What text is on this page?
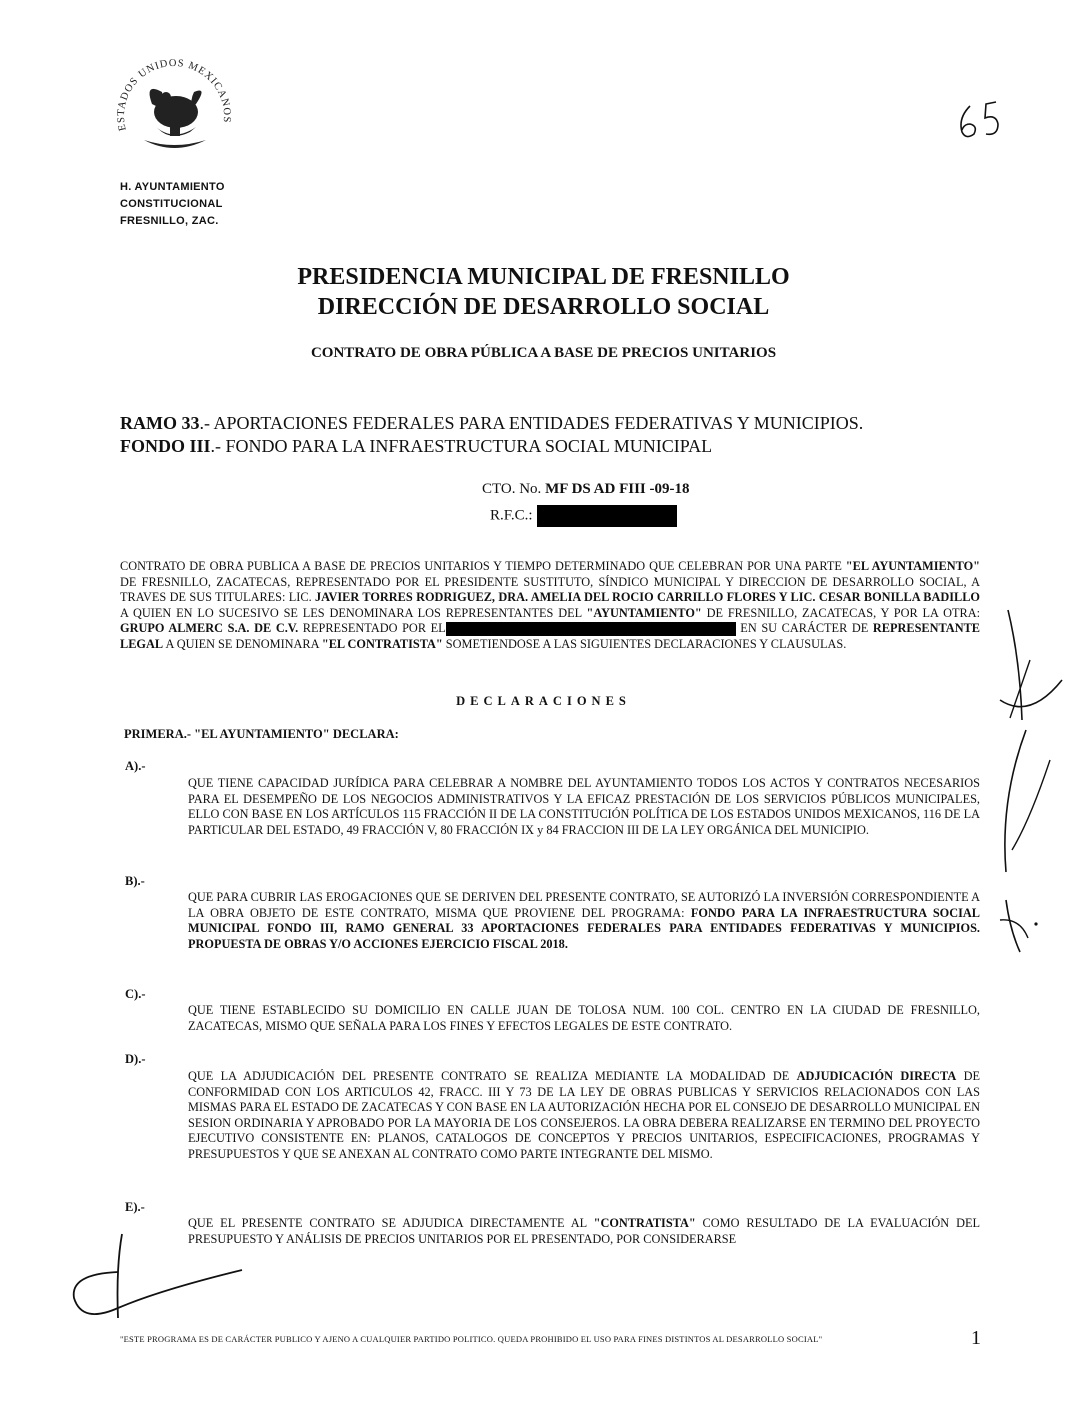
ESTADOS UNIDOS MEXICANOS
H. AYUNTAMIENTO
CONSTITUCIONAL
FRESNILLO, ZAC.
PRESIDENCIA MUNICIPAL DE FRESNILLO
DIRECCIÓN DE DESARROLLO SOCIAL
CONTRATO DE OBRA PÚBLICA A BASE DE PRECIOS UNITARIOS
RAMO 33.- APORTACIONES FEDERALES PARA ENTIDADES FEDERATIVAS Y MUNICIPIOS.
FONDO III.- FONDO PARA LA INFRAESTRUCTURA SOCIAL MUNICIPAL
CTO. No. MF DS AD FIII -09-18
R.F.C.:
CONTRATO DE OBRA PUBLICA A BASE DE PRECIOS UNITARIOS Y TIEMPO DETERMINADO QUE CELEBRAN POR UNA PARTE "EL AYUNTAMIENTO" DE FRESNILLO, ZACATECAS, REPRESENTADO POR EL PRESIDENTE SUSTITUTO, SÍNDICO MUNICIPAL Y DIRECCION DE DESARROLLO SOCIAL, A TRAVES DE SUS TITULARES: LIC. JAVIER TORRES RODRIGUEZ, DRA. AMELIA DEL ROCIO CARRILLO FLORES Y LIC. CESAR BONILLA BADILLO A QUIEN EN LO SUCESIVO SE LES DENOMINARA LOS REPRESENTANTES DEL "AYUNTAMIENTO" DE FRESNILLO, ZACATECAS, Y POR LA OTRA: GRUPO ALMERC S.A. DE C.V. REPRESENTADO POR EL	EN SU CARÁCTER DE REPRESENTANTE LEGAL A QUIEN SE DENOMINARA "EL CONTRATISTA" SOMETIENDOSE A LAS SIGUIENTES DECLARACIONES Y CLAUSULAS.
DECLARACIONES
PRIMERA.- "EL AYUNTAMIENTO" DECLARA:
A).-
QUE TIENE CAPACIDAD JURÍDICA PARA CELEBRAR A NOMBRE DEL AYUNTAMIENTO TODOS LOS ACTOS Y CONTRATOS NECESARIOS PARA EL DESEMPEÑO DE LOS NEGOCIOS ADMINISTRATIVOS Y LA EFICAZ PRESTACIÓN DE LOS SERVICIOS PÚBLICOS MUNICIPALES, ELLO CON BASE EN LOS ARTÍCULOS 115 FRACCIÓN II DE LA CONSTITUCIÓN POLÍTICA DE LOS ESTADOS UNIDOS MEXICANOS, 116 DE LA PARTICULAR DEL ESTADO, 49 FRACCIÓN V, 80 FRACCIÓN IX y 84 FRACCION III DE LA LEY ORGÁNICA DEL MUNICIPIO.
B).-
QUE PARA CUBRIR LAS EROGACIONES QUE SE DERIVEN DEL PRESENTE CONTRATO, SE AUTORIZÓ LA INVERSIÓN CORRESPONDIENTE A LA OBRA OBJETO DE ESTE CONTRATO, MISMA QUE PROVIENE DEL PROGRAMA: FONDO PARA LA INFRAESTRUCTURA SOCIAL MUNICIPAL FONDO III, RAMO GENERAL 33 APORTACIONES FEDERALES PARA ENTIDADES FEDERATIVAS Y MUNICIPIOS. PROPUESTA DE OBRAS Y/O ACCIONES EJERCICIO FISCAL 2018.
C).-
QUE TIENE ESTABLECIDO SU DOMICILIO EN CALLE JUAN DE TOLOSA NUM. 100 COL. CENTRO EN LA CIUDAD DE FRESNILLO, ZACATECAS, MISMO QUE SEÑALA PARA LOS FINES Y EFECTOS LEGALES DE ESTE CONTRATO.
D).-
QUE LA ADJUDICACIÓN DEL PRESENTE CONTRATO SE REALIZA MEDIANTE LA MODALIDAD DE ADJUDICACIÓN DIRECTA DE CONFORMIDAD CON LOS ARTICULOS 42, FRACC. III Y 73 DE LA LEY DE OBRAS PUBLICAS Y SERVICIOS RELACIONADOS CON LAS MISMAS PARA EL ESTADO DE ZACATECAS Y CON BASE EN LA AUTORIZACIÓN HECHA POR EL CONSEJO DE DESARROLLO MUNICIPAL EN SESION ORDINARIA Y APROBADO POR LA MAYORIA DE LOS CONSEJEROS. LA OBRA DEBERA REALIZARSE EN TERMINO DEL PROYECTO EJECUTIVO CONSISTENTE EN: PLANOS, CATALOGOS DE CONCEPTOS Y PRECIOS UNITARIOS, ESPECIFICACIONES, PROGRAMAS Y PRESUPUESTOS Y QUE SE ANEXAN AL CONTRATO COMO PARTE INTEGRANTE DEL MISMO.
E).-
QUE EL PRESENTE CONTRATO SE ADJUDICA DIRECTAMENTE AL "CONTRATISTA" COMO RESULTADO DE LA EVALUACIÓN DEL PRESUPUESTO Y ANÁLISIS DE PRECIOS UNITARIOS POR EL PRESENTADO, POR CONSIDERARSE
"ESTE PROGRAMA ES DE CARÁCTER PUBLICO Y AJENO A CUALQUIER PARTIDO POLITICO. QUEDA PROHIBIDO EL USO PARA FINES DISTINTOS AL DESARROLLO SOCIAL"	1
